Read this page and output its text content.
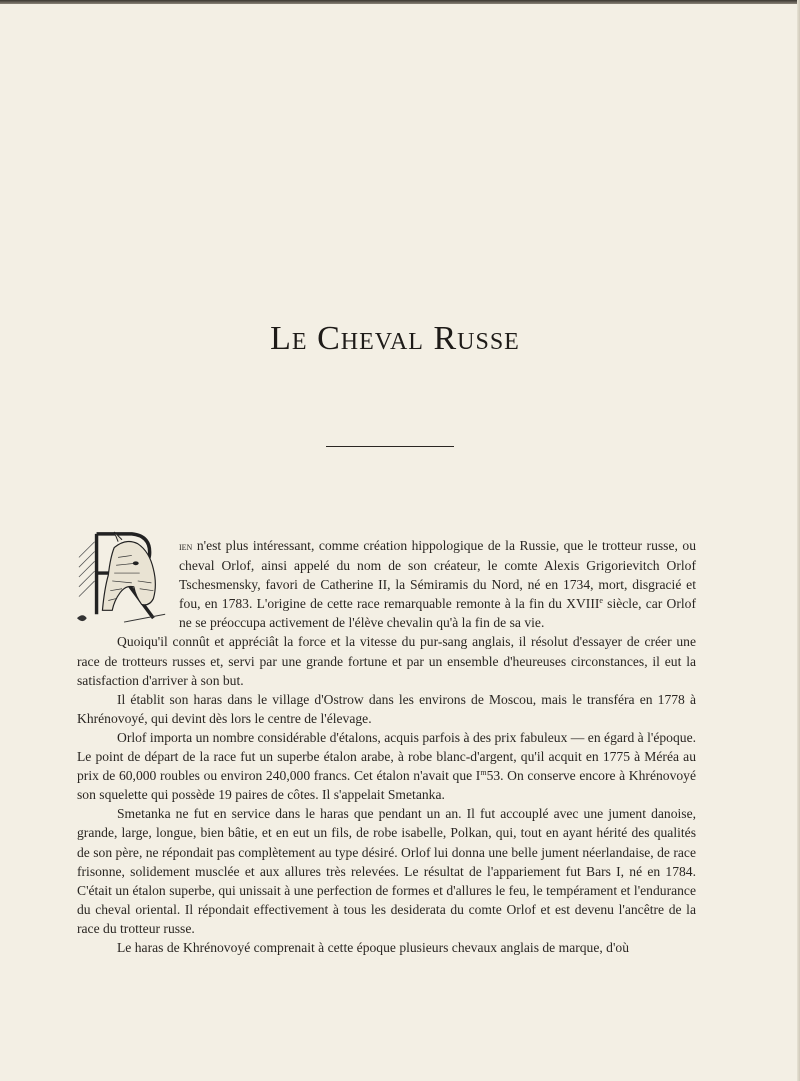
Le Cheval Russe

ien n'est plus intéressant, comme création hippologique de la Russie, que le trotteur russe, ou cheval Orlof, ainsi appelé du nom de son créateur, le comte Alexis Grigorievitch Orlof Tschesmensky, favori de Catherine II, la Sémiramis du Nord, né en 1734, mort, disgracié et fou, en 1783. L'origine de cette race remarquable remonte à la fin du XVIIIe siècle, car Orlof ne se préoccupa activement de l'élève chevalin qu'à la fin de sa vie.

Quoiqu'il connût et appréciât la force et la vitesse du pur-sang anglais, il résolut d'essayer de créer une race de trotteurs russes et, servi par une grande fortune et par un ensemble d'heureuses circonstances, il eut la satisfaction d'arriver à son but.

Il établit son haras dans le village d'Ostrow dans les environs de Moscou, mais le transféra en 1778 à Khrénovoyé, qui devint dès lors le centre de l'élevage.

Orlof importa un nombre considérable d'étalons, acquis parfois à des prix fabuleux — en égard à l'époque. Le point de départ de la race fut un superbe étalon arabe, à robe blanc-d'argent, qu'il acquit en 1775 à Méréa au prix de 60,000 roubles ou environ 240,000 francs. Cet étalon n'avait que $I^m53$. On conserve encore à Khrénovoyé son squelette qui possède 19 paires de côtes. Il s'appelait Smetanka.

Smetanka ne fut en service dans le haras que pendant un an. Il fut accouplé avec une jument danoise, grande, large, longue, bien bâtie, et en eut un fils, de robe isabelle, Polkan, qui, tout en ayant hérité des qualités de son père, ne répondait pas complètement au type désiré. Orlof lui donna une belle jument néerlandaise, de race frisonne, solidement musclée et aux allures très relevées. Le résultat de l'appariement fut Bars I, né en 1784. C'était un étalon superbe, qui unissait à une perfection de formes et d'allures le feu, le tempérament et l'endurance du cheval oriental. Il répondait effectivement à tous les desiderata du comte Orlof et est devenu l'ancêtre de la race du trotteur russe.

Le haras de Khrénovoyé comprenait à cette époque plusieurs chevaux anglais de marque, d'où
